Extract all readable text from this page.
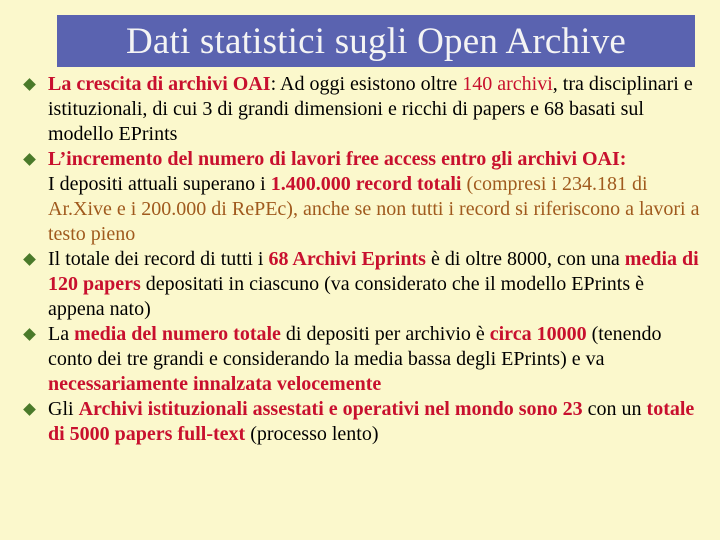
Dati statistici sugli Open Archive
La crescita di archivi OAI: Ad oggi esistono oltre 140 archivi, tra disciplinari e istituzionali, di cui 3 di grandi dimensioni e ricchi di papers e 68 basati sul modello EPrints
L’incremento del numero di lavori free access entro gli archivi OAI:
I depositi attuali superano i 1.400.000 record totali (compresi i 234.181 di Ar.Xive e i 200.000 di RePEc), anche se non tutti i record si riferiscono a lavori a testo pieno
Il totale dei record di tutti i 68 Archivi Eprints è di oltre 8000, con una media di 120 papers depositati in ciascuno (va considerato che il modello EPrints è appena nato)
La media del numero totale di depositi per archivio è circa 10000 (tenendo conto dei tre grandi e considerando la media bassa degli EPrints) e va necessariamente innalzata velocemente
Gli Archivi istituzionali assestati e operativi nel mondo sono 23 con un totale di 5000 papers full-text (processo lento)
